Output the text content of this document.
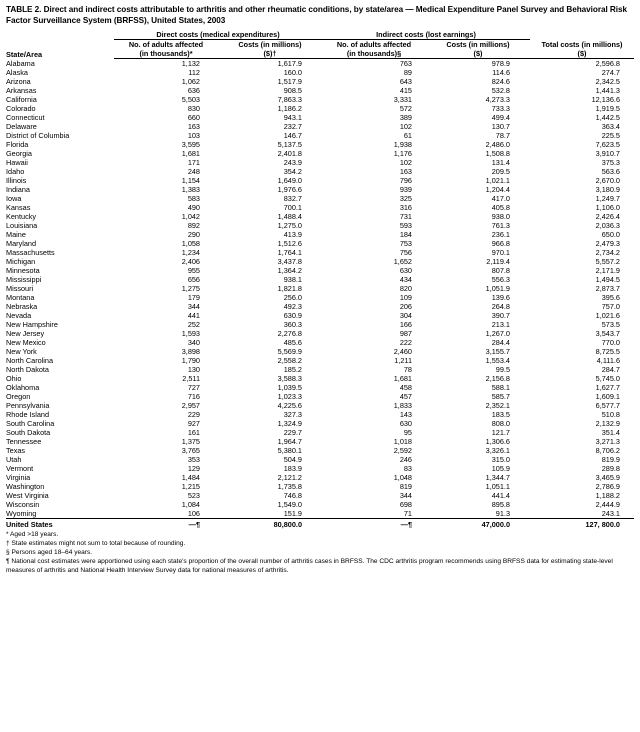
TABLE 2. Direct and indirect costs attributable to arthritis and other rheumatic conditions, by state/area — Medical Expenditure Panel Survey and Behavioral Risk Factor Surveillance System (BRFSS), United States, 2003
	Direct costs (medical expenditures)		Indirect costs (lost earnings)		
State/Area	No. of adults affected	Costs (in millions)	No. of adults affected	Costs (in millions)	Total costs (in millions)
	(in thousands)*	($)†	(in thousands)§	($)	($)
Alabama	1,132	1,617.9	763	978.9	2,596.8
Alaska	112	160.0	89	114.6	274.7
Arizona	1,062	1,517.9	643	824.6	2,342.5
Arkansas	636	908.5	415	532.8	1,441.3
California	5,503	7,863.3	3,331	4,273.3	12,136.6
Colorado	830	1,186.2	572	733.3	1,919.5
Connecticut	660	943.1	389	499.4	1,442.5
Delaware	163	232.7	102	130.7	363.4
District of Columbia	103	146.7	61	78.7	225.5
Florida	3,595	5,137.5	1,938	2,486.0	7,623.5
Georgia	1,681	2,401.8	1,176	1,508.8	3,910.7
Hawaii	171	243.9	102	131.4	375.3
Idaho	248	354.2	163	209.5	563.6
Illinois	1,154	1,649.0	796	1,021.1	2,670.0
Indiana	1,383	1,976.6	939	1,204.4	3,180.9
Iowa	583	832.7	325	417.0	1,249.7
Kansas	490	700.1	316	405.8	1,106.0
Kentucky	1,042	1,488.4	731	938.0	2,426.4
Louisiana	892	1,275.0	593	761.3	2,036.3
Maine	290	413.9	184	236.1	650.0
Maryland	1,058	1,512.6	753	966.8	2,479.3
Massachusetts	1,234	1,764.1	756	970.1	2,734.2
Michigan	2,406	3,437.8	1,652	2,119.4	5,557.2
Minnesota	955	1,364.2	630	807.8	2,171.9
Mississippi	656	938.1	434	556.3	1,494.5
Missouri	1,275	1,821.8	820	1,051.9	2,873.7
Montana	179	256.0	109	139.6	395.6
Nebraska	344	492.3	206	264.8	757.0
Nevada	441	630.9	304	390.7	1,021.6
New Hampshire	252	360.3	166	213.1	573.5
New Jersey	1,593	2,276.8	987	1,267.0	3,543.7
New Mexico	340	485.6	222	284.4	770.0
New York	3,898	5,569.9	2,460	3,155.7	8,725.5
North Carolina	1,790	2,558.2	1,211	1,553.4	4,111.6
North Dakota	130	185.2	78	99.5	284.7
Ohio	2,511	3,588.3	1,681	2,156.8	5,745.0
Oklahoma	727	1,039.5	458	588.1	1,627.7
Oregon	716	1,023.3	457	585.7	1,609.1
Pennsylvania	2,957	4,225.6	1,833	2,352.1	6,577.7
Rhode Island	229	327.3	143	183.5	510.8
South Carolina	927	1,324.9	630	808.0	2,132.9
South Dakota	161	229.7	95	121.7	351.4
Tennessee	1,375	1,964.7	1,018	1,306.6	3,271.3
Texas	3,765	5,380.1	2,592	3,326.1	8,706.2
Utah	353	504.9	246	315.0	819.9
Vermont	129	183.9	83	105.9	289.8
Virginia	1,484	2,121.2	1,048	1,344.7	3,465.9
Washington	1,215	1,735.8	819	1,051.1	2,786.9
West Virginia	523	746.8	344	441.4	1,188.2
Wisconsin	1,084	1,549.0	698	895.8	2,444.9
Wyoming	106	151.9	71	91.3	243.1
United States	—¶	80,800.0	—¶	47,000.0	127, 800.0
* Aged >18 years.
† State estimates might not sum to total because of rounding.
§ Persons aged 18–64 years.
¶ National cost estimates were apportioned using each state's proportion of the overall number of arthritis cases in BRFSS. The CDC arthritis program recommends using BRFSS data for estimating state-level measures of arthritis and National Health Interview Survey data for national measures of arthritis.
